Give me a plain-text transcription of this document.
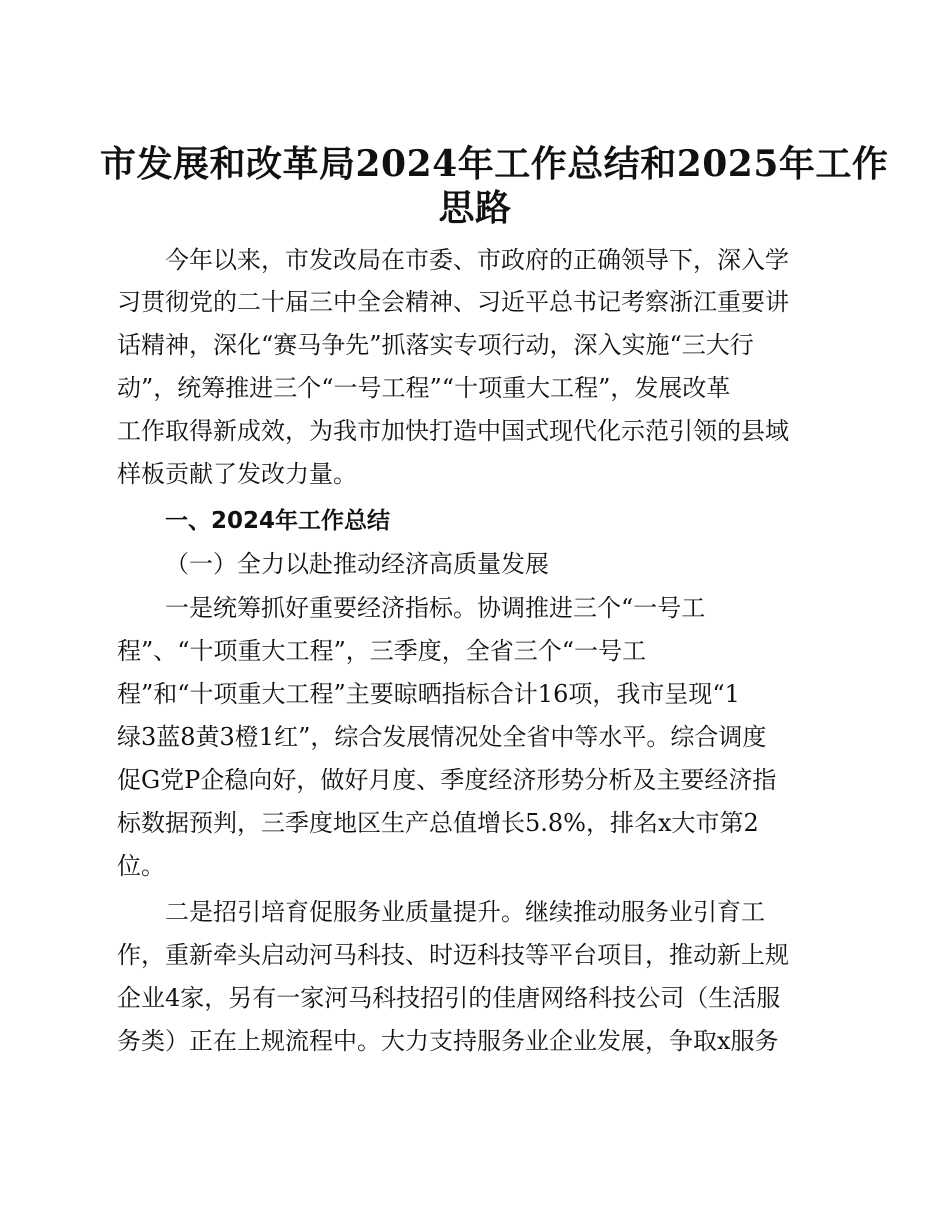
市发展和改革局2024年工作总结和2025年工作
思路
今年以来，市发改局在市委、市政府的正确领导下，深入学
习贯彻党的二十届三中全会精神、习近平总书记考察浙江重要讲
话精神，深化“赛马争先”抓落实专项行动，深入实施“三大行
动”，统筹推进三个“一号工程”“十项重大工程”，发展改革
工作取得新成效，为我市加快打造中国式现代化示范引领的县域
样板贡献了发改力量。
一、2024年工作总结
（一）全力以赴推动经济高质量发展
一是统筹抓好重要经济指标。协调推进三个“一号工
程”、“十项重大工程”，三季度，全省三个“一号工
程”和“十项重大工程”主要晾晒指标合计16项，我市呈现“1
绿3蓝8黄3橙1红”，综合发展情况处全省中等水平。综合调度
促G党P企稳向好，做好月度、季度经济形势分析及主要经济指
标数据预判，三季度地区生产总值增长5.8%，排名x大市第2
位。
二是招引培育促服务业质量提升。继续推动服务业引育工
作，重新牵头启动河马科技、时迈科技等平台项目，推动新上规
企业4家，另有一家河马科技招引的佳唐网络科技公司（生活服
务类）正在上规流程中。大力支持服务业企业发展，争取x服务
